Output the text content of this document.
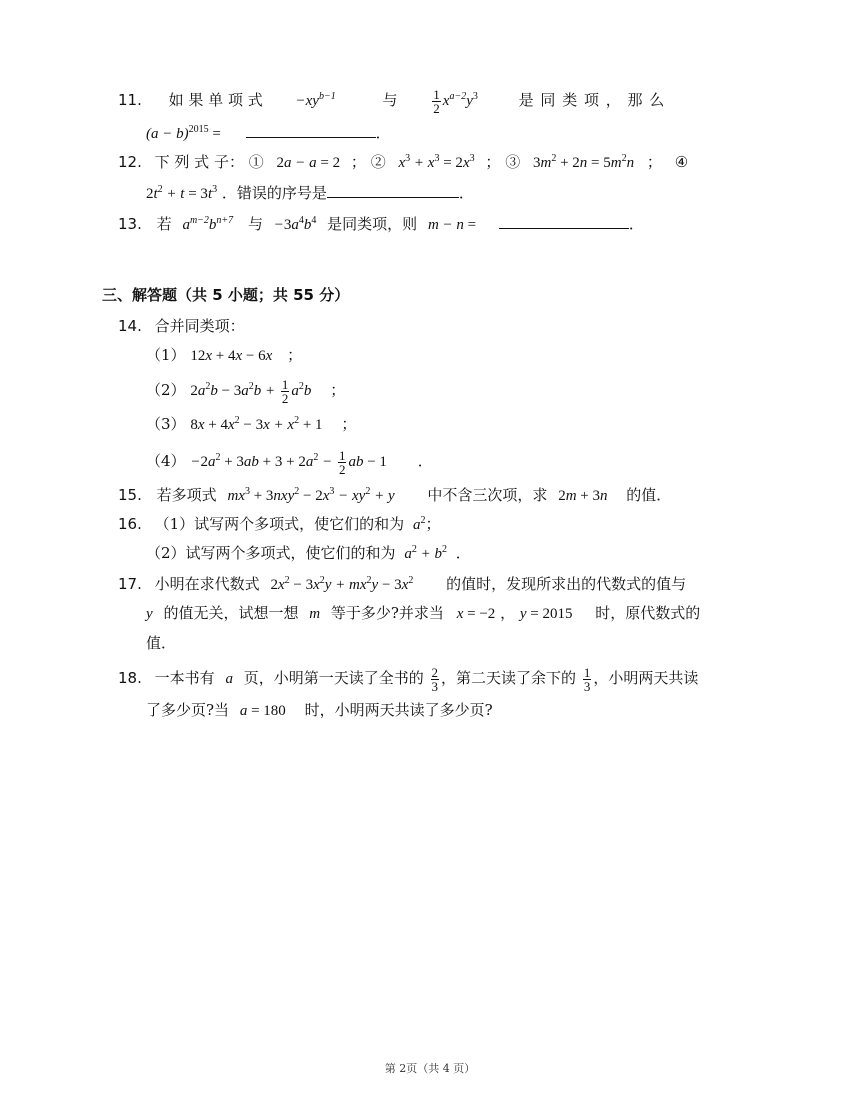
11. 如 果 单 项 式 $-xy^{b-1}$	与	$\frac{1}{2} x^{a-2}y^3$	是 同 类 项 ， 那 么
$(a - b)^{2015}$ =	．
12. 下 列 式 子： ① 2a − a = 2 ； ② $x^3 + x^3 = 2x^3$ ； ③ $3m^2 + 2n = 5m^2n$ ； ④
$2t^2 + t = 3t^3$ ．错误的序号是	．
13. 若 $a^{m-2}b^{n+7}$ 与 $-3a^4b^4$ 是同类项，则 m − n =	．
三、解答题（共 5 小题；共 55 分）
14. 合并同类项：
（1） 12x + 4x − 6x ；
（2） $2a^2b - 3a^2b + \frac{1}{2} a^2b$ ；
（3） $8x + 4x^2 - 3x + x^2 + 1$ ；
$(4) -2a^2 + 3ab + 3 + 2a^2 - \frac{1}{2}$ ab − 1 ．
15. 若多项式 $mx^3 + 3nxy^2 - 2x^3 - xy^2 + y$ 中不含三次项，求 2m + 3n 的值．
16. （1）试写两个多项式，使它们的和为 $a^2$；
（2）试写两个多项式，使它们的和为 $a^2 + b^2$ ．
17. 小明在求代数式 $2x^2 - 3x^2y + mx^2y - 3x^2$ 的值时，发现所求出的代数式的值与
y 的值无关，试想一想 m 等于多少?并求当 x = −2 ， y = 2015 时，原代数式的
值．
18. 一本书有 a 页，小明第一天读了全书的 $\frac{2}{3}$ ，第二天读了余下的 $\frac{1}{3}$ ，小明两天共读
了多少页?当 a = 180 时，小明两天共读了多少页?
第 2页（共 4 页）
